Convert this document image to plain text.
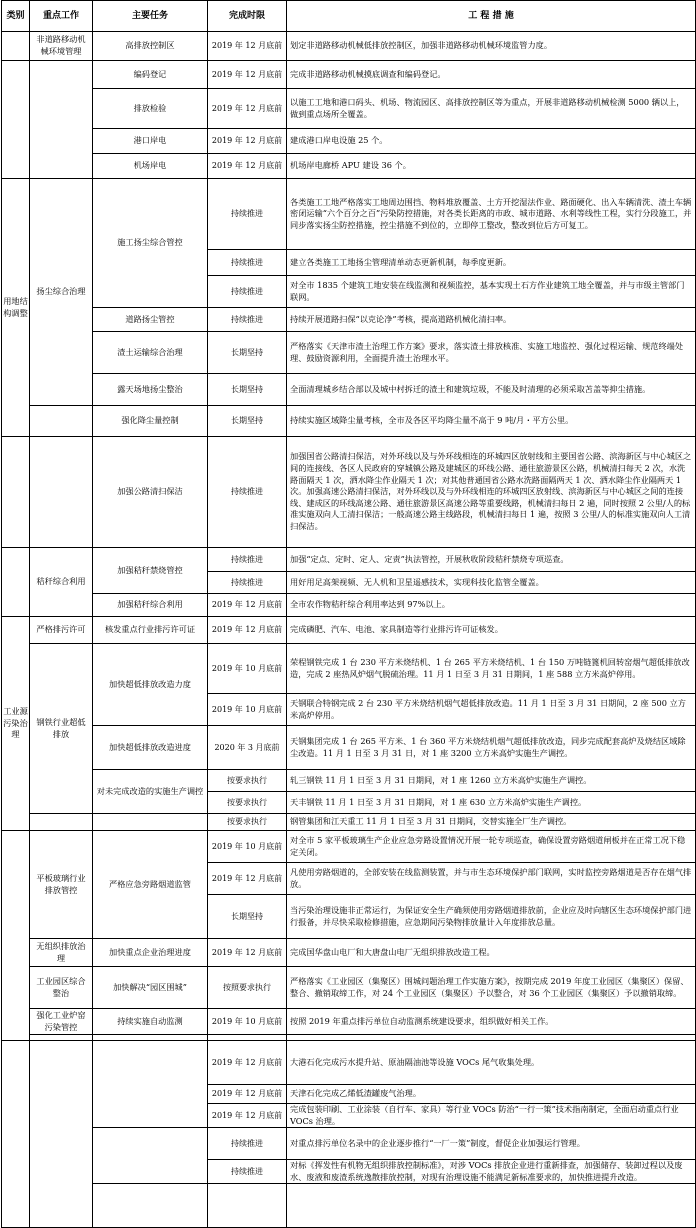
类别	重点工作	主要任务	完成时限	工 程 措 施
	非道路移动机械环境管理	高排放控制区	2019 年 12 月底前	划定非道路移动机械低排放控制区，加强非道路移动机械环境监管力度。
		编码登记	2019 年 12 月底前	完成非道路移动机械摸底调查和编码登记。
		排放检验	2019 年 12 月底前	以施工工地和港口码头、机场、物流园区、高排放控制区等为重点，开展非道路移动机械检测 5000 辆以上，做到重点场所全覆盖。
		港口岸电	2019 年 12 月底前	建成港口岸电设施 25 个。
		机场岸电	2019 年 12 月底前	机场岸电廊桥 APU 建设 36 个。
用地结构调整	扬尘综合治理	施工扬尘综合管控	持续推进	各类施工工地严格落实工地周边围挡、物料堆放覆盖、土方开挖湿法作业、路面硬化、出入车辆清洗、渣土车辆密闭运输“六个百分之百”污染防控措施，对各类长距离的市政、城市道路、水利等线性工程，实行分段施工，并同步落实扬尘防控措施，控尘措施不到位的，立即停工整改，整改到位后方可复工。
			持续推进	建立各类施工工地扬尘管理清单动态更新机制，每季度更新。
			持续推进	对全市 1835 个建筑工地安装在线监测和视频监控，基本实现土石方作业建筑工地全覆盖，并与市级主管部门联网。
		道路扬尘管控	持续推进	持续开展道路扫保“以克论净”考核，提高道路机械化清扫率。
		渣土运输综合治理	长期坚持	严格落实《天津市渣土治理工作方案》要求，落实渣土排放核准、实施工地监控、强化过程运输、规范终端处理、鼓励资源利用，全面提升渣土治理水平。
		露天场地扬尘整治	长期坚持	全面清理城乡结合部以及城中村拆迁的渣土和建筑垃圾，不能及时清理的必须采取苫盖等抑尘措施。
		强化降尘量控制	长期坚持	持续实施区域降尘量考核，全市及各区平均降尘量不高于 9 吨/月・平方公里。
		加强公路清扫保洁	持续推进	加强国省公路清扫保洁，对外环线以及与外环线相连的环城四区放射线和主要国省公路、滨海新区与中心城区之间的连接线、各区人民政府的穿城镇公路及建城区的环线公路、通往旅游景区公路，机械清扫每天 2 次，水洗路面隔天 1 次，洒水降尘作业隔天 1 次；对其他普通国省公路水洗路面隔两天 1 次、洒水降尘作业隔两天 1 次。加强高速公路清扫保洁，对外环线以及与外环线相连的环城四区放射线、滨海新区与中心城区之间的连接线、建成区的环线高速公路、通往旅游景区高速公路等重要线路，机械清扫每日 2 遍，同时按照 2 公里/人的标准实施双向人工清扫保洁；一般高速公路主线路段，机械清扫每日 1 遍，按照 3 公里/人的标准实施双向人工清扫保洁。
	秸秆综合利用	加强秸秆禁烧管控	持续推进	加强“定点、定时、定人、定责”执法管控，开展秋收阶段秸秆禁烧专项巡查。
			持续推进	用好用足高架视频、无人机和卫星遥感技术，实现科技化监管全覆盖。
		加强秸秆综合利用	2019 年 12 月底前	全市农作物秸秆综合利用率达到 97%以上。
工业源污染治理	严格排污许可	核发重点行业排污许可证	2019 年 12 月底前	完成磷肥、汽车、电池、家具制造等行业排污许可证核发。
	钢铁行业超低排放	加快超低排放改造力度	2019 年 10 月底前	荣程钢铁完成 1 台 230 平方米烧结机、1 台 265 平方米烧结机、1 台 150 万吨链篦机回转窑烟气超低排放改造，完成 2 座热风炉烟气脱硫治理。11 月 1 日至 3 月 31 日期间，1 座 588 立方米高炉停用。
			2019 年 10 月底前	天钢联合特钢完成 2 台 230 平方米烧结机烟气超低排放改造。11 月 1 日至 3 月 31 日期间，2 座 500 立方米高炉停用。
		加快超低排放改造进度	2020 年 3 月底前	天钢集团完成 1 台 265 平方米、1 台 360 平方米烧结机烟气超低排放改造，同步完成配套高炉及烧结区域除尘改造。11 月 1 日至 3 月 31 日，对 1 座 3200 立方米高炉实施生产调控。
		对未完成改造的实施生产调控	按要求执行	轧三钢铁 11 月 1 日至 3 月 31 日期间，对 1 座 1260 立方米高炉实施生产调控。
			按要求执行	天丰钢铁 11 月 1 日至 3 月 31 日期间，对 1 座 630 立方米高炉实施生产调控。
			按要求执行	钢管集团和江天重工 11 月 1 日至 3 月 31 日期间，交替实施全厂生产调控。
	平板玻璃行业排放管控	严格应急旁路烟道监管	2019 年 10 月底前	对全市 5 家平板玻璃生产企业应急旁路设置情况开展一轮专项巡查，确保设置旁路烟道闸板并在正常工况下稳定关闭。
			2019 年 12 月底前	凡使用旁路烟道的，全部安装在线监测装置，并与市生态环境保护部门联网，实时监控旁路烟道是否存在烟气排放。
			长期坚持	当污染治理设施非正常运行，为保证安全生产确须使用旁路烟道排放前，企业应及时向辖区生态环境保护部门进行报备，并尽快采取检修措施，应急期间污染物排放量计入年度排放总量。
	无组织排放治理	加快重点企业治理进度	2019 年 12 月底前	完成国华盘山电厂和大唐盘山电厂无组织排放改造工程。
	工业园区综合整治	加快解决“园区围城”	按照要求执行	严格落实《工业园区（集聚区）围城问题治理工作实施方案》，按期完成 2019 年度工业园区（集聚区）保留、整合、撤销取缔工作，对 24 个工业园区（集聚区）予以整合，对 36 个工业园区（集聚区）予以撤销取缔。
	强化工业炉窑污染管控	持续实施自动监测	2019 年 10 月底前	按照 2019 年重点排污单位自动监测系统建设要求，组织做好相关工作。

			2019 年 12 月底前	大港石化完成污水提升站、原油隔油池等设施 VOCs 尾气收集处理。
			2019 年 12 月底前	天津石化完成乙烯低渣罐废气治理。
			2019 年 12 月底前	完成包装印刷、工业涂装（自行车、家具）等行业 VOCs 防治“一行一策”技术指南制定，全面启动重点行业 VOCs 治理。
			持续推进	对重点排污单位名录中的企业逐步推行“一厂一策”制度，督促企业加强运行管理。
			持续推进	对标《挥发性有机物无组织排放控制标准》，对涉 VOCs 排放企业进行重新排查，加强储存、装卸过程以及废水、废液和废渣系统逸散排放控制，对现有治理设施不能满足新标准要求的，加快推进提升改造。
